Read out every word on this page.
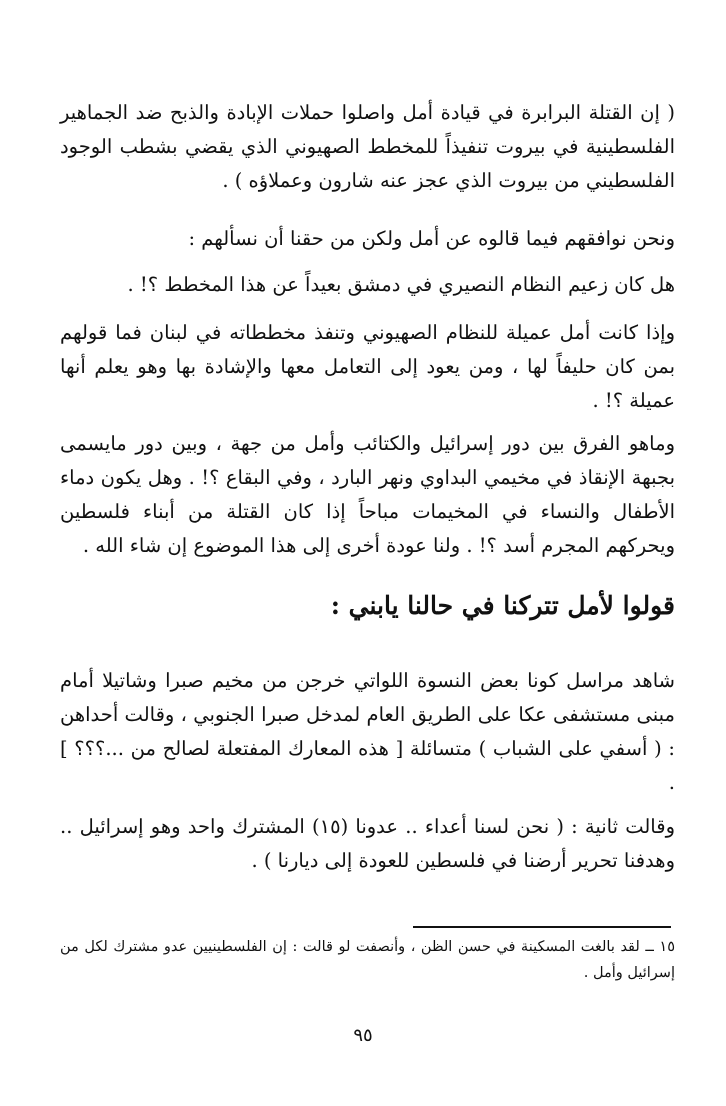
( إن القتلة البرابرة في قيادة أمل واصلوا حملات الإبادة والذبح ضد الجماهير الفلسطينية في بيروت تنفيذاً للمخطط الصهيوني الذي يقضي بشطب الوجود الفلسطيني من بيروت الذي عجز عنه شارون وعملاؤه ) .

ونحن نوافقهم فيما قالوه عن أمل ولكن من حقنا أن نسألهم :

هل كان زعيم النظام النصيري في دمشق بعيداً عن هذا المخطط ؟! .

وإذا كانت أمل عميلة للنظام الصهيوني وتنفذ مخططاته في لبنان فما قولهم بمن كان حليفاً لها ، ومن يعود إلى التعامل معها والإشادة بها وهو يعلم أنها عميلة ؟! .

وماهو الفرق بين دور إسرائيل والكتائب وأمل من جهة ، وبين دور مايسمى بجبهة الإنقاذ في مخيمي البداوي ونهر البارد ، وفي البقاع ؟! . وهل يكون دماء الأطفال والنساء في المخيمات مباحاً إذا كان القتلة من أبناء فلسطين ويحركهم المجرم أسد ؟! . ولنا عودة أخرى إلى هذا الموضوع إن شاء الله .

قولوا لأمل تتركنا في حالنا يابني :

شاهد مراسل كونا بعض النسوة اللواتي خرجن من مخيم صبرا وشاتيلا أمام مبنى مستشفى عكا على الطريق العام لمدخل صبرا الجنوبي ، وقالت أحداهن : ( أسفي على الشباب ) متسائلة [ هذه المعارك المفتعلة لصالح من ...؟؟؟ ] .

وقالت ثانية : ( نحن لسنا أعداء .. عدونا (١٥) المشترك واحد وهو إسرائيل .. وهدفنا تحرير أرضنا في فلسطين للعودة إلى ديارنا ) .

١٥ ــ لقد بالغت المسكينة في حسن الظن ، وأنصفت لو قالت : إن الفلسطينيين عدو مشترك لكل من إسرائيل وأمل .

٩٥
